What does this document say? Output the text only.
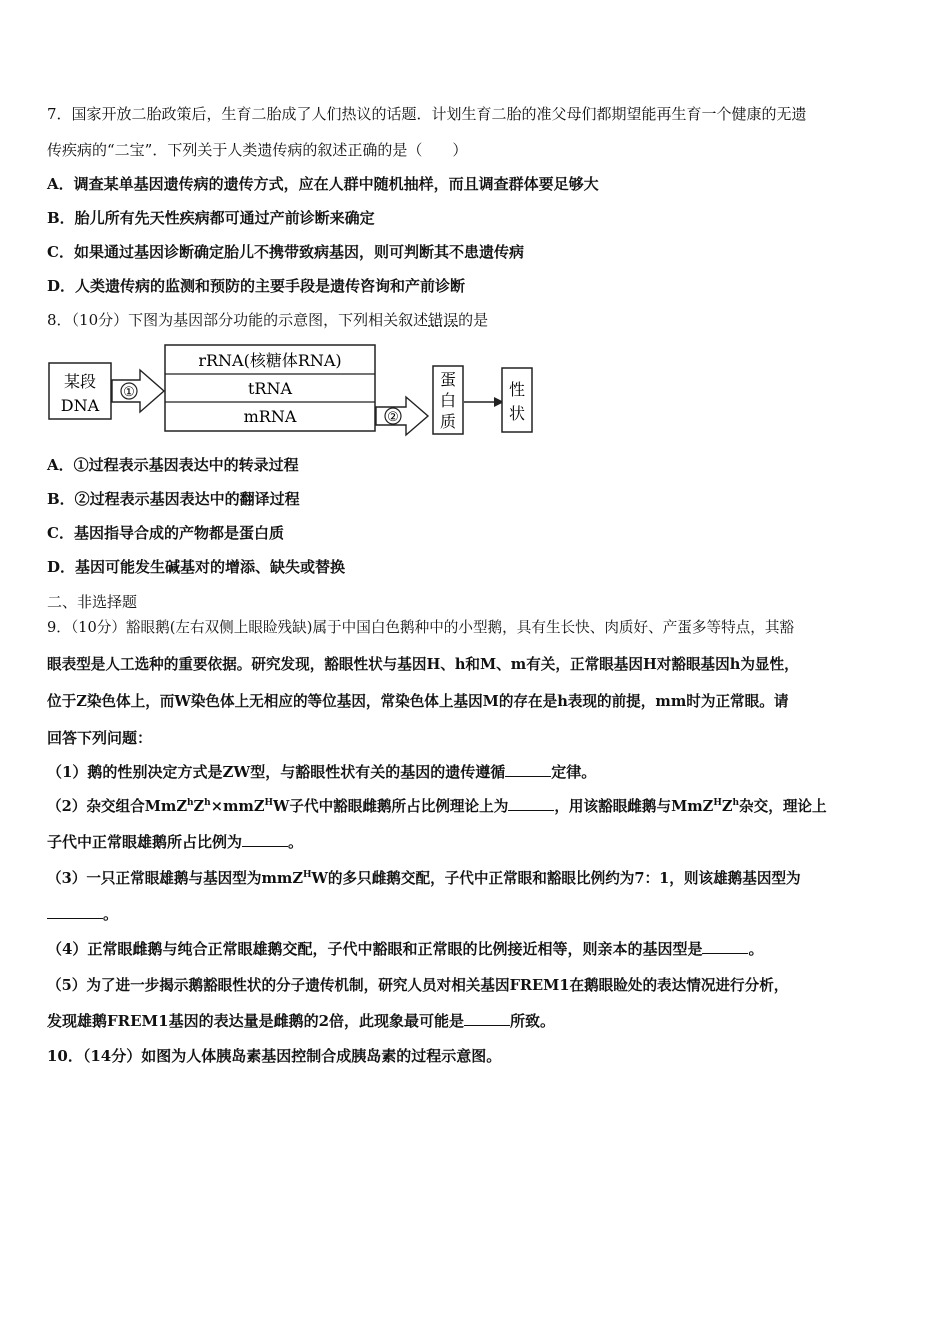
7．国家开放二胎政策后，生育二胎成了人们热议的话题．计划生育二胎的准父母们都期望能再生育一个健康的无遗
传疾病的“二宝”．下列关于人类遗传病的叙述正确的是（　　）
A．调查某单基因遗传病的遗传方式，应在人群中随机抽样，而且调查群体要足够大
B．胎儿所有先天性疾病都可通过产前诊断来确定
C．如果通过基因诊断确定胎儿不携带致病基因，则可判断其不患遗传病
D．人类遗传病的监测和预防的主要手段是遗传咨询和产前诊断
8．（10分）下图为基因部分功能的示意图，下列相关叙述错误的是
某段
DNA
①
rRNA(核糖体RNA)
tRNA
mRNA	②
蛋
白
质
性
状
A．①过程表示基因表达中的转录过程
B．②过程表示基因表达中的翻译过程
C．基因指导合成的产物都是蛋白质
D．基因可能发生碱基对的增添、缺失或替换
二、非选择题
9．（10分）豁眼鹅(左右双侧上眼睑残缺)属于中国白色鹅种中的小型鹅，具有生长快、肉质好、产蛋多等特点，其豁
眼表型是人工选种的重要依据。研究发现，豁眼性状与基因H、h和M、m有关，正常眼基因H对豁眼基因h为显性，
位于Z染色体上，而W染色体上无相应的等位基因，常染色体上基因M的存在是h表现的前提，mm时为正常眼。请
回答下列问题：
（1）鹅的性别决定方式是ZW型，与豁眼性状有关的基因的遗传遵循	定律。
（2）杂交组合$MmZ^hZ^h\times mmZ^HW$子代中豁眼雌鹅所占比例理论上为	，用该豁眼雌鹅与$MmZ^HZ^h$杂交，理论上
子代中正常眼雄鹅所占比例为	。
（3）一只正常眼雄鹅与基因型为mmZ$^H$W的多只雌鹅交配，子代中正常眼和豁眼比例约为7：1，则该雄鹅基因型为
。
（4）正常眼雌鹅与纯合正常眼雄鹅交配，子代中豁眼和正常眼的比例接近相等，则亲本的基因型是	。
（5）为了进一步揭示鹅豁眼性状的分子遗传机制，研究人员对相关基因FREM1在鹅眼睑处的表达情况进行分析，
发现雄鹅FREM1基因的表达量是雌鹅的2倍，此现象最可能是	所致。
10．（14分）如图为人体胰岛素基因控制合成胰岛素的过程示意图。
